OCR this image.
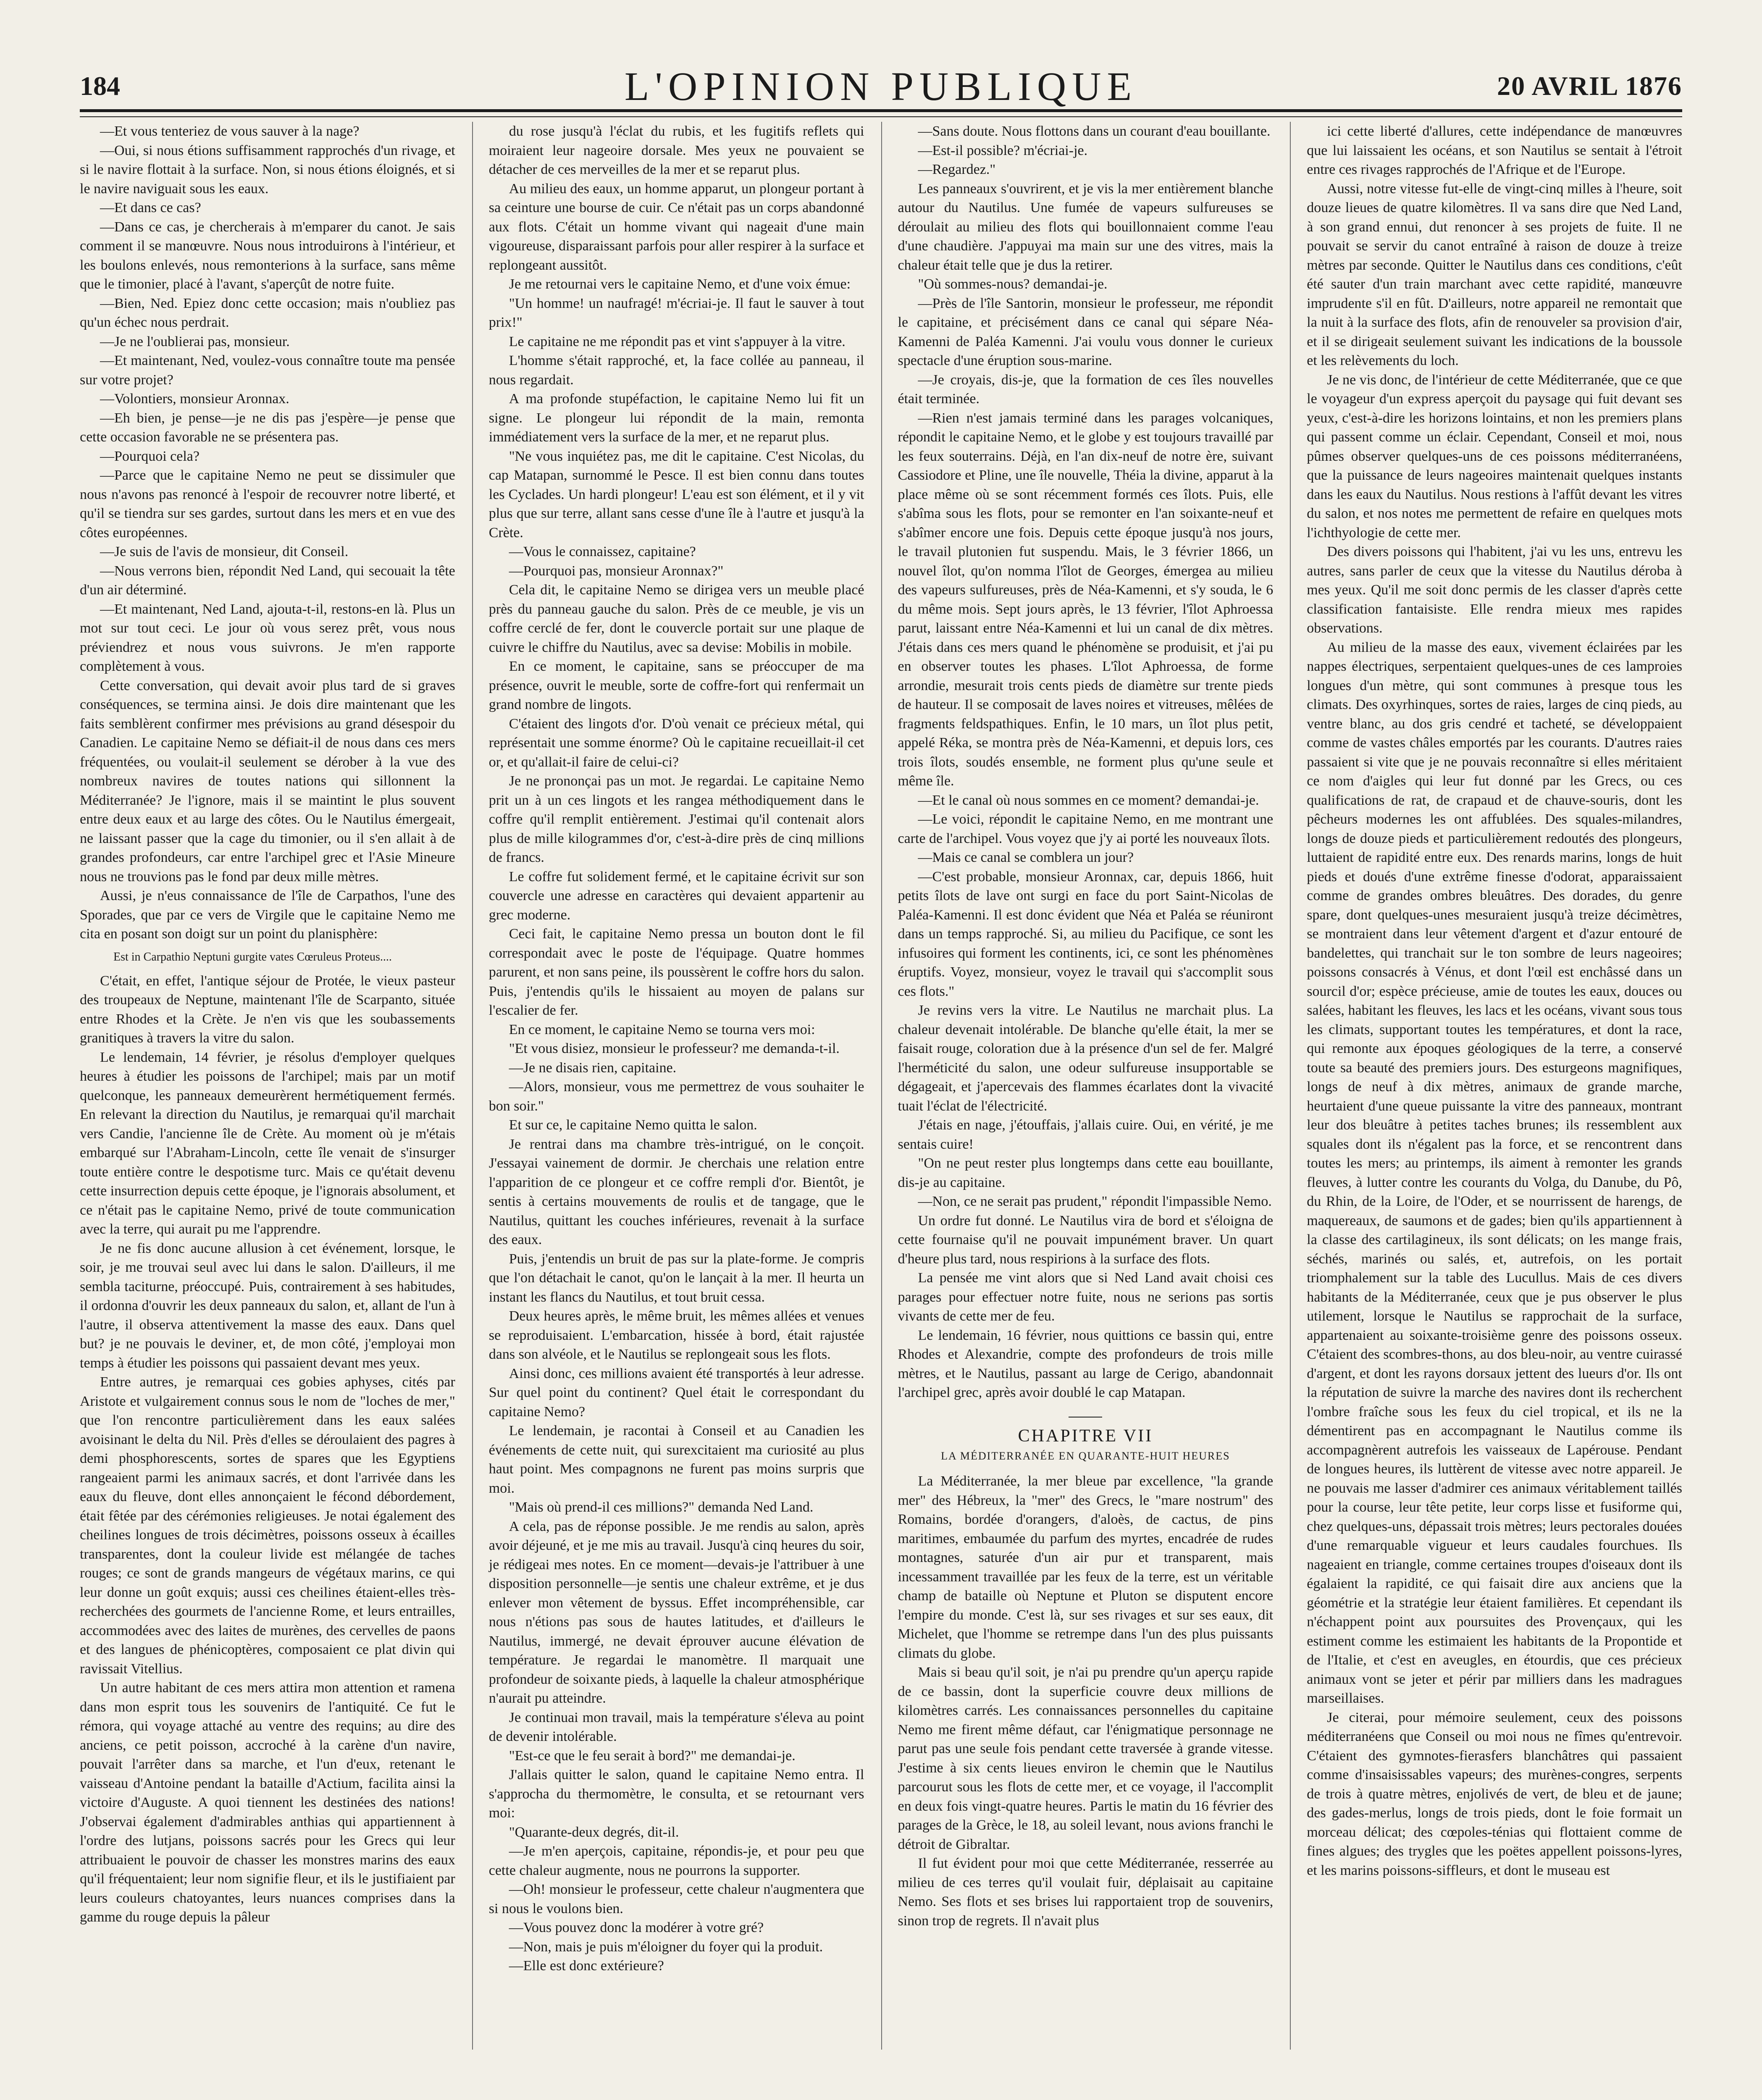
184	L'OPINION PUBLIQUE	20 AVRIL 1876

—Et vous tenteriez de vous sauver à la nage?

—Oui, si nous étions suffisamment rapprochés d'un rivage, et si le navire flottait à la surface. Non, si nous étions éloignés, et si le navire naviguait sous les eaux.

—Et dans ce cas?

—Dans ce cas, je chercherais à m'emparer du canot. Je sais comment il se manœuvre. Nous nous introduirons à l'intérieur, et les boulons enlevés, nous remonterions à la surface, sans même que le timonier, placé à l'avant, s'aperçût de notre fuite.

—Bien, Ned. Epiez donc cette occasion; mais n'oubliez pas qu'un échec nous perdrait.

—Je ne l'oublierai pas, monsieur.

—Et maintenant, Ned, voulez-vous connaître toute ma pensée sur votre projet?

—Volontiers, monsieur Aronnax.

—Eh bien, je pense—je ne dis pas j'espère—je pense que cette occasion favorable ne se présentera pas.

—Pourquoi cela?

—Parce que le capitaine Nemo ne peut se dissimuler que nous n'avons pas renoncé à l'espoir de recouvrer notre liberté, et qu'il se tiendra sur ses gardes, surtout dans les mers et en vue des côtes européennes.

—Je suis de l'avis de monsieur, dit Conseil.

—Nous verrons bien, répondit Ned Land, qui secouait la tête d'un air déterminé.

—Et maintenant, Ned Land, ajouta-t-il, restons-en là. Plus un mot sur tout ceci. Le jour où vous serez prêt, vous nous préviendrez et nous vous suivrons. Je m'en rapporte complètement à vous.

Cette conversation, qui devait avoir plus tard de si graves conséquences, se termina ainsi. Je dois dire maintenant que les faits semblèrent confirmer mes prévisions au grand désespoir du Canadien. Le capitaine Nemo se défiait-il de nous dans ces mers fréquentées, ou voulait-il seulement se dérober à la vue des nombreux navires de toutes nations qui sillonnent la Méditerranée? Je l'ignore, mais il se maintint le plus souvent entre deux eaux et au large des côtes. Ou le Nautilus émergeait, ne laissant passer que la cage du timonier, ou il s'en allait à de grandes profondeurs, car entre l'archipel grec et l'Asie Mineure nous ne trouvions pas le fond par deux mille mètres.

Aussi, je n'eus connaissance de l'île de Carpathos, l'une des Sporades, que par ce vers de Virgile que le capitaine Nemo me cita en posant son doigt sur un point du planisphère:

Est in Carpathio Neptuni gurgite vates Cœruleus Proteus....

C'était, en effet, l'antique séjour de Protée, le vieux pasteur des troupeaux de Neptune, maintenant l'île de Scarpanto, située entre Rhodes et la Crète. Je n'en vis que les soubassements granitiques à travers la vitre du salon.

Le lendemain, 14 février, je résolus d'employer quelques heures à étudier les poissons de l'archipel; mais par un motif quelconque, les panneaux demeurèrent hermétiquement fermés. En relevant la direction du Nautilus, je remarquai qu'il marchait vers Candie, l'ancienne île de Crète. Au moment où je m'étais embarqué sur l'Abraham-Lincoln, cette île venait de s'insurger toute entière contre le despotisme turc. Mais ce qu'était devenu cette insurrection depuis cette époque, je l'ignorais absolument, et ce n'était pas le capitaine Nemo, privé de toute communication avec la terre, qui aurait pu me l'apprendre.

Je ne fis donc aucune allusion à cet événement, lorsque, le soir, je me trouvai seul avec lui dans le salon. D'ailleurs, il me sembla taciturne, préoccupé. Puis, contrairement à ses habitudes, il ordonna d'ouvrir les deux panneaux du salon, et, allant de l'un à l'autre, il observa attentivement la masse des eaux. Dans quel but? je ne pouvais le deviner, et, de mon côté, j'employai mon temps à étudier les poissons qui passaient devant mes yeux.

Entre autres, je remarquai ces gobies aphyses, cités par Aristote et vulgairement connus sous le nom de "loches de mer," que l'on rencontre particulièrement dans les eaux salées avoisinant le delta du Nil. Près d'elles se déroulaient des pagres à demi phosphorescents, sortes de spares que les Egyptiens rangeaient parmi les animaux sacrés, et dont l'arrivée dans les eaux du fleuve, dont elles annonçaient le fécond débordement, était fêtée par des cérémonies religieuses. Je notai également des cheilines longues de trois décimètres, poissons osseux à écailles transparentes, dont la couleur livide est mélangée de taches rouges; ce sont de grands mangeurs de végétaux marins, ce qui leur donne un goût exquis; aussi ces cheilines étaient-elles très-recherchées des gourmets de l'ancienne Rome, et leurs entrailles, accommodées avec des laites de murènes, des cervelles de paons et des langues de phénicoptères, composaient ce plat divin qui ravissait Vitellius.

Un autre habitant de ces mers attira mon attention et ramena dans mon esprit tous les souvenirs de l'antiquité. Ce fut le rémora, qui voyage attaché au ventre des requins; au dire des anciens, ce petit poisson, accroché à la carène d'un navire, pouvait l'arrêter dans sa marche, et l'un d'eux, retenant le vaisseau d'Antoine pendant la bataille d'Actium, facilita ainsi la victoire d'Auguste. A quoi tiennent les destinées des nations! J'observai également d'admirables anthias qui appartiennent à l'ordre des lutjans, poissons sacrés pour les Grecs qui leur attribuaient le pouvoir de chasser les monstres marins des eaux qu'il fréquentaient; leur nom signifie fleur, et ils le justifiaient par leurs couleurs chatoyantes, leurs nuances comprises dans la gamme du rouge depuis la pâleur

du rose jusqu'à l'éclat du rubis, et les fugitifs reflets qui moiraient leur nageoire dorsale. Mes yeux ne pouvaient se détacher de ces merveilles de la mer et se reparut plus.

Au milieu des eaux, un homme apparut, un plongeur portant à sa ceinture une bourse de cuir. Ce n'était pas un corps abandonné aux flots. C'était un homme vivant qui nageait d'une main vigoureuse, disparaissant parfois pour aller respirer à la surface et replongeant aussitôt.

Je me retournai vers le capitaine Nemo, et d'une voix émue:

"Un homme! un naufragé! m'écriai-je. Il faut le sauver à tout prix!"

Le capitaine ne me répondit pas et vint s'appuyer à la vitre.

L'homme s'était rapproché, et, la face collée au panneau, il nous regardait.

A ma profonde stupéfaction, le capitaine Nemo lui fit un signe. Le plongeur lui répondit de la main, remonta immédiatement vers la surface de la mer, et ne reparut plus.

"Ne vous inquiétez pas, me dit le capitaine. C'est Nicolas, du cap Matapan, surnommé le Pesce. Il est bien connu dans toutes les Cyclades. Un hardi plongeur! L'eau est son élément, et il y vit plus que sur terre, allant sans cesse d'une île à l'autre et jusqu'à la Crète.

—Vous le connaissez, capitaine?

—Pourquoi pas, monsieur Aronnax?"

Cela dit, le capitaine Nemo se dirigea vers un meuble placé près du panneau gauche du salon. Près de ce meuble, je vis un coffre cerclé de fer, dont le couvercle portait sur une plaque de cuivre le chiffre du Nautilus, avec sa devise: Mobilis in mobile.

En ce moment, le capitaine, sans se préoccuper de ma présence, ouvrit le meuble, sorte de coffre-fort qui renfermait un grand nombre de lingots.

C'étaient des lingots d'or. D'où venait ce précieux métal, qui représentait une somme énorme? Où le capitaine recueillait-il cet or, et qu'allait-il faire de celui-ci?

Je ne prononçai pas un mot. Je regardai. Le capitaine Nemo prit un à un ces lingots et les rangea méthodiquement dans le coffre qu'il remplit entièrement. J'estimai qu'il contenait alors plus de mille kilogrammes d'or, c'est-à-dire près de cinq millions de francs.

Le coffre fut solidement fermé, et le capitaine écrivit sur son couvercle une adresse en caractères qui devaient appartenir au grec moderne.

Ceci fait, le capitaine Nemo pressa un bouton dont le fil correspondait avec le poste de l'équipage. Quatre hommes parurent, et non sans peine, ils poussèrent le coffre hors du salon. Puis, j'entendis qu'ils le hissaient au moyen de palans sur l'escalier de fer.

En ce moment, le capitaine Nemo se tourna vers moi:

"Et vous disiez, monsieur le professeur? me demanda-t-il.

—Je ne disais rien, capitaine.

—Alors, monsieur, vous me permettrez de vous souhaiter le bon soir."

Et sur ce, le capitaine Nemo quitta le salon.

Je rentrai dans ma chambre très-intrigué, on le conçoit. J'essayai vainement de dormir. Je cherchais une relation entre l'apparition de ce plongeur et ce coffre rempli d'or. Bientôt, je sentis à certains mouvements de roulis et de tangage, que le Nautilus, quittant les couches inférieures, revenait à la surface des eaux.

Puis, j'entendis un bruit de pas sur la plate-forme. Je compris que l'on détachait le canot, qu'on le lançait à la mer. Il heurta un instant les flancs du Nautilus, et tout bruit cessa.

Deux heures après, le même bruit, les mêmes allées et venues se reproduisaient. L'embarcation, hissée à bord, était rajustée dans son alvéole, et le Nautilus se replongeait sous les flots.

Ainsi donc, ces millions avaient été transportés à leur adresse. Sur quel point du continent? Quel était le correspondant du capitaine Nemo?

Le lendemain, je racontai à Conseil et au Canadien les événements de cette nuit, qui surexcitaient ma curiosité au plus haut point. Mes compagnons ne furent pas moins surpris que moi.

"Mais où prend-il ces millions?" demanda Ned Land.

A cela, pas de réponse possible. Je me rendis au salon, après avoir déjeuné, et je me mis au travail. Jusqu'à cinq heures du soir, je rédigeai mes notes. En ce moment—devais-je l'attribuer à une disposition personnelle—je sentis une chaleur extrême, et je dus enlever mon vêtement de byssus. Effet incompréhensible, car nous n'étions pas sous de hautes latitudes, et d'ailleurs le Nautilus, immergé, ne devait éprouver aucune élévation de température. Je regardai le manomètre. Il marquait une profondeur de soixante pieds, à laquelle la chaleur atmosphérique n'aurait pu atteindre.

Je continuai mon travail, mais la température s'éleva au point de devenir intolérable.

"Est-ce que le feu serait à bord?" me demandai-je.

J'allais quitter le salon, quand le capitaine Nemo entra. Il s'approcha du thermomètre, le consulta, et se retournant vers moi:

"Quarante-deux degrés, dit-il.

—Je m'en aperçois, capitaine, répondis-je, et pour peu que cette chaleur augmente, nous ne pourrons la supporter.

—Oh! monsieur le professeur, cette chaleur n'augmentera que si nous le voulons bien.

—Vous pouvez donc la modérer à votre gré?

—Non, mais je puis m'éloigner du foyer qui la produit.

—Elle est donc extérieure?

—Sans doute. Nous flottons dans un courant d'eau bouillante.

—Est-il possible? m'écriai-je.

—Regardez."

Les panneaux s'ouvrirent, et je vis la mer entièrement blanche autour du Nautilus. Une fumée de vapeurs sulfureuses se déroulait au milieu des flots qui bouillonnaient comme l'eau d'une chaudière. J'appuyai ma main sur une des vitres, mais la chaleur était telle que je dus la retirer.

"Où sommes-nous? demandai-je.

—Près de l'île Santorin, monsieur le professeur, me répondit le capitaine, et précisément dans ce canal qui sépare Néa-Kamenni de Paléa Kamenni. J'ai voulu vous donner le curieux spectacle d'une éruption sous-marine.

—Je croyais, dis-je, que la formation de ces îles nouvelles était terminée.

—Rien n'est jamais terminé dans les parages volcaniques, répondit le capitaine Nemo, et le globe y est toujours travaillé par les feux souterrains. Déjà, en l'an dix-neuf de notre ère, suivant Cassiodore et Pline, une île nouvelle, Théia la divine, apparut à la place même où se sont récemment formés ces îlots. Puis, elle s'abîma sous les flots, pour se remonter en l'an soixante-neuf et s'abîmer encore une fois. Depuis cette époque jusqu'à nos jours, le travail plutonien fut suspendu. Mais, le 3 février 1866, un nouvel îlot, qu'on nomma l'îlot de Georges, émergea au milieu des vapeurs sulfureuses, près de Néa-Kamenni, et s'y souda, le 6 du même mois. Sept jours après, le 13 février, l'îlot Aphroessa parut, laissant entre Néa-Kamenni et lui un canal de dix mètres. J'étais dans ces mers quand le phénomène se produisit, et j'ai pu en observer toutes les phases. L'îlot Aphroessa, de forme arrondie, mesurait trois cents pieds de diamètre sur trente pieds de hauteur. Il se composait de laves noires et vitreuses, mêlées de fragments feldspathiques. Enfin, le 10 mars, un îlot plus petit, appelé Réka, se montra près de Néa-Kamenni, et depuis lors, ces trois îlots, soudés ensemble, ne forment plus qu'une seule et même île.

—Et le canal où nous sommes en ce moment? demandai-je.

—Le voici, répondit le capitaine Nemo, en me montrant une carte de l'archipel. Vous voyez que j'y ai porté les nouveaux îlots.

—Mais ce canal se comblera un jour?

—C'est probable, monsieur Aronnax, car, depuis 1866, huit petits îlots de lave ont surgi en face du port Saint-Nicolas de Paléa-Kamenni. Il est donc évident que Néa et Paléa se réuniront dans un temps rapproché. Si, au milieu du Pacifique, ce sont les infusoires qui forment les continents, ici, ce sont les phénomènes éruptifs. Voyez, monsieur, voyez le travail qui s'accomplit sous ces flots."

Je revins vers la vitre. Le Nautilus ne marchait plus. La chaleur devenait intolérable. De blanche qu'elle était, la mer se faisait rouge, coloration due à la présence d'un sel de fer. Malgré l'herméticité du salon, une odeur sulfureuse insupportable se dégageait, et j'apercevais des flammes écarlates dont la vivacité tuait l'éclat de l'électricité.

J'étais en nage, j'étouffais, j'allais cuire. Oui, en vérité, je me sentais cuire!

"On ne peut rester plus longtemps dans cette eau bouillante, dis-je au capitaine.

—Non, ce ne serait pas prudent," répondit l'impassible Nemo.

Un ordre fut donné. Le Nautilus vira de bord et s'éloigna de cette fournaise qu'il ne pouvait impunément braver. Un quart d'heure plus tard, nous respirions à la surface des flots.

La pensée me vint alors que si Ned Land avait choisi ces parages pour effectuer notre fuite, nous ne serions pas sortis vivants de cette mer de feu.

Le lendemain, 16 février, nous quittions ce bassin qui, entre Rhodes et Alexandrie, compte des profondeurs de trois mille mètres, et le Nautilus, passant au large de Cerigo, abandonnait l'archipel grec, après avoir doublé le cap Matapan.

CHAPITRE VII
LA MÉDITERRANÉE EN QUARANTE-HUIT HEURES

La Méditerranée, la mer bleue par excellence, "la grande mer" des Hébreux, la "mer" des Grecs, le "mare nostrum" des Romains, bordée d'orangers, d'aloès, de cactus, de pins maritimes, embaumée du parfum des myrtes, encadrée de rudes montagnes, saturée d'un air pur et transparent, mais incessamment travaillée par les feux de la terre, est un véritable champ de bataille où Neptune et Pluton se disputent encore l'empire du monde. C'est là, sur ses rivages et sur ses eaux, dit Michelet, que l'homme se retrempe dans l'un des plus puissants climats du globe.

Mais si beau qu'il soit, je n'ai pu prendre qu'un aperçu rapide de ce bassin, dont la superficie couvre deux millions de kilomètres carrés. Les connaissances personnelles du capitaine Nemo me firent même défaut, car l'énigmatique personnage ne parut pas une seule fois pendant cette traversée à grande vitesse. J'estime à six cents lieues environ le chemin que le Nautilus parcourut sous les flots de cette mer, et ce voyage, il l'accomplit en deux fois vingt-quatre heures. Partis le matin du 16 février des parages de la Grèce, le 18, au soleil levant, nous avions franchi le détroit de Gibraltar.

Il fut évident pour moi que cette Méditerranée, resserrée au milieu de ces terres qu'il voulait fuir, déplaisait au capitaine Nemo. Ses flots et ses brises lui rapportaient trop de souvenirs, sinon trop de regrets. Il n'avait plus

ici cette liberté d'allures, cette indépendance de manœuvres que lui laissaient les océans, et son Nautilus se sentait à l'étroit entre ces rivages rapprochés de l'Afrique et de l'Europe.

Aussi, notre vitesse fut-elle de vingt-cinq milles à l'heure, soit douze lieues de quatre kilomètres. Il va sans dire que Ned Land, à son grand ennui, dut renoncer à ses projets de fuite. Il ne pouvait se servir du canot entraîné à raison de douze à treize mètres par seconde. Quitter le Nautilus dans ces conditions, c'eût été sauter d'un train marchant avec cette rapidité, manœuvre imprudente s'il en fût. D'ailleurs, notre appareil ne remontait que la nuit à la surface des flots, afin de renouveler sa provision d'air, et il se dirigeait seulement suivant les indications de la boussole et les relèvements du loch.

Je ne vis donc, de l'intérieur de cette Méditerranée, que ce que le voyageur d'un express aperçoit du paysage qui fuit devant ses yeux, c'est-à-dire les horizons lointains, et non les premiers plans qui passent comme un éclair. Cependant, Conseil et moi, nous pûmes observer quelques-uns de ces poissons méditerranéens, que la puissance de leurs nageoires maintenait quelques instants dans les eaux du Nautilus. Nous restions à l'affût devant les vitres du salon, et nos notes me permettent de refaire en quelques mots l'ichthyologie de cette mer.

Des divers poissons qui l'habitent, j'ai vu les uns, entrevu les autres, sans parler de ceux que la vitesse du Nautilus déroba à mes yeux. Qu'il me soit donc permis de les classer d'après cette classification fantaisiste. Elle rendra mieux mes rapides observations.

Au milieu de la masse des eaux, vivement éclairées par les nappes électriques, serpentaient quelques-unes de ces lamproies longues d'un mètre, qui sont communes à presque tous les climats. Des oxyrhinques, sortes de raies, larges de cinq pieds, au ventre blanc, au dos gris cendré et tacheté, se développaient comme de vastes châles emportés par les courants. D'autres raies passaient si vite que je ne pouvais reconnaître si elles méritaient ce nom d'aigles qui leur fut donné par les Grecs, ou ces qualifications de rat, de crapaud et de chauve-souris, dont les pêcheurs modernes les ont affublées. Des squales-milandres, longs de douze pieds et particulièrement redoutés des plongeurs, luttaient de rapidité entre eux. Des renards marins, longs de huit pieds et doués d'une extrême finesse d'odorat, apparaissaient comme de grandes ombres bleuâtres. Des dorades, du genre spare, dont quelques-unes mesuraient jusqu'à treize décimètres, se montraient dans leur vêtement d'argent et d'azur entouré de bandelettes, qui tranchait sur le ton sombre de leurs nageoires; poissons consacrés à Vénus, et dont l'œil est enchâssé dans un sourcil d'or; espèce précieuse, amie de toutes les eaux, douces ou salées, habitant les fleuves, les lacs et les océans, vivant sous tous les climats, supportant toutes les températures, et dont la race, qui remonte aux époques géologiques de la terre, a conservé toute sa beauté des premiers jours. Des esturgeons magnifiques, longs de neuf à dix mètres, animaux de grande marche, heurtaient d'une queue puissante la vitre des panneaux, montrant leur dos bleuâtre à petites taches brunes; ils ressemblent aux squales dont ils n'égalent pas la force, et se rencontrent dans toutes les mers; au printemps, ils aiment à remonter les grands fleuves, à lutter contre les courants du Volga, du Danube, du Pô, du Rhin, de la Loire, de l'Oder, et se nourrissent de harengs, de maquereaux, de saumons et de gades; bien qu'ils appartiennent à la classe des cartilagineux, ils sont délicats; on les mange frais, séchés, marinés ou salés, et, autrefois, on les portait triomphalement sur la table des Lucullus. Mais de ces divers habitants de la Méditerranée, ceux que je pus observer le plus utilement, lorsque le Nautilus se rapprochait de la surface, appartenaient au soixante-troisième genre des poissons osseux. C'étaient des scombres-thons, au dos bleu-noir, au ventre cuirassé d'argent, et dont les rayons dorsaux jettent des lueurs d'or. Ils ont la réputation de suivre la marche des navires dont ils recherchent l'ombre fraîche sous les feux du ciel tropical, et ils ne la démentirent pas en accompagnant le Nautilus comme ils accompagnèrent autrefois les vaisseaux de Lapérouse. Pendant de longues heures, ils luttèrent de vitesse avec notre appareil. Je ne pouvais me lasser d'admirer ces animaux véritablement taillés pour la course, leur tête petite, leur corps lisse et fusiforme qui, chez quelques-uns, dépassait trois mètres; leurs pectorales douées d'une remarquable vigueur et leurs caudales fourchues. Ils nageaient en triangle, comme certaines troupes d'oiseaux dont ils égalaient la rapidité, ce qui faisait dire aux anciens que la géométrie et la stratégie leur étaient familières. Et cependant ils n'échappent point aux poursuites des Provençaux, qui les estiment comme les estimaient les habitants de la Propontide et de l'Italie, et c'est en aveugles, en étourdis, que ces précieux animaux vont se jeter et périr par milliers dans les madragues marseillaises.

Je citerai, pour mémoire seulement, ceux des poissons méditerranéens que Conseil ou moi nous ne fîmes qu'entrevoir. C'étaient des gymnotes-fierasfers blanchâtres qui passaient comme d'insaisissables vapeurs; des murènes-congres, serpents de trois à quatre mètres, enjolivés de vert, de bleu et de jaune; des gades-merlus, longs de trois pieds, dont le foie formait un morceau délicat; des cœpoles-ténias qui flottaient comme de fines algues; des trygles que les poëtes appellent poissons-lyres, et les marins poissons-siffleurs, et dont le museau est
